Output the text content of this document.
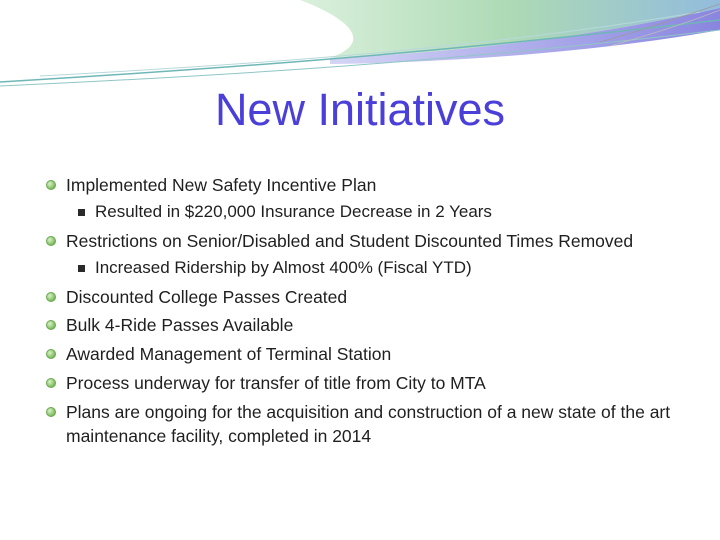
New Initiatives
Implemented New Safety Incentive Plan
Resulted in $220,000 Insurance Decrease in 2 Years
Restrictions on Senior/Disabled and Student Discounted Times Removed
Increased Ridership by Almost 400% (Fiscal YTD)
Discounted College Passes Created
Bulk 4-Ride Passes Available
Awarded Management of Terminal Station
Process underway for transfer of title from City to MTA
Plans are ongoing for the acquisition and construction of a new state of the art maintenance facility, completed in 2014
